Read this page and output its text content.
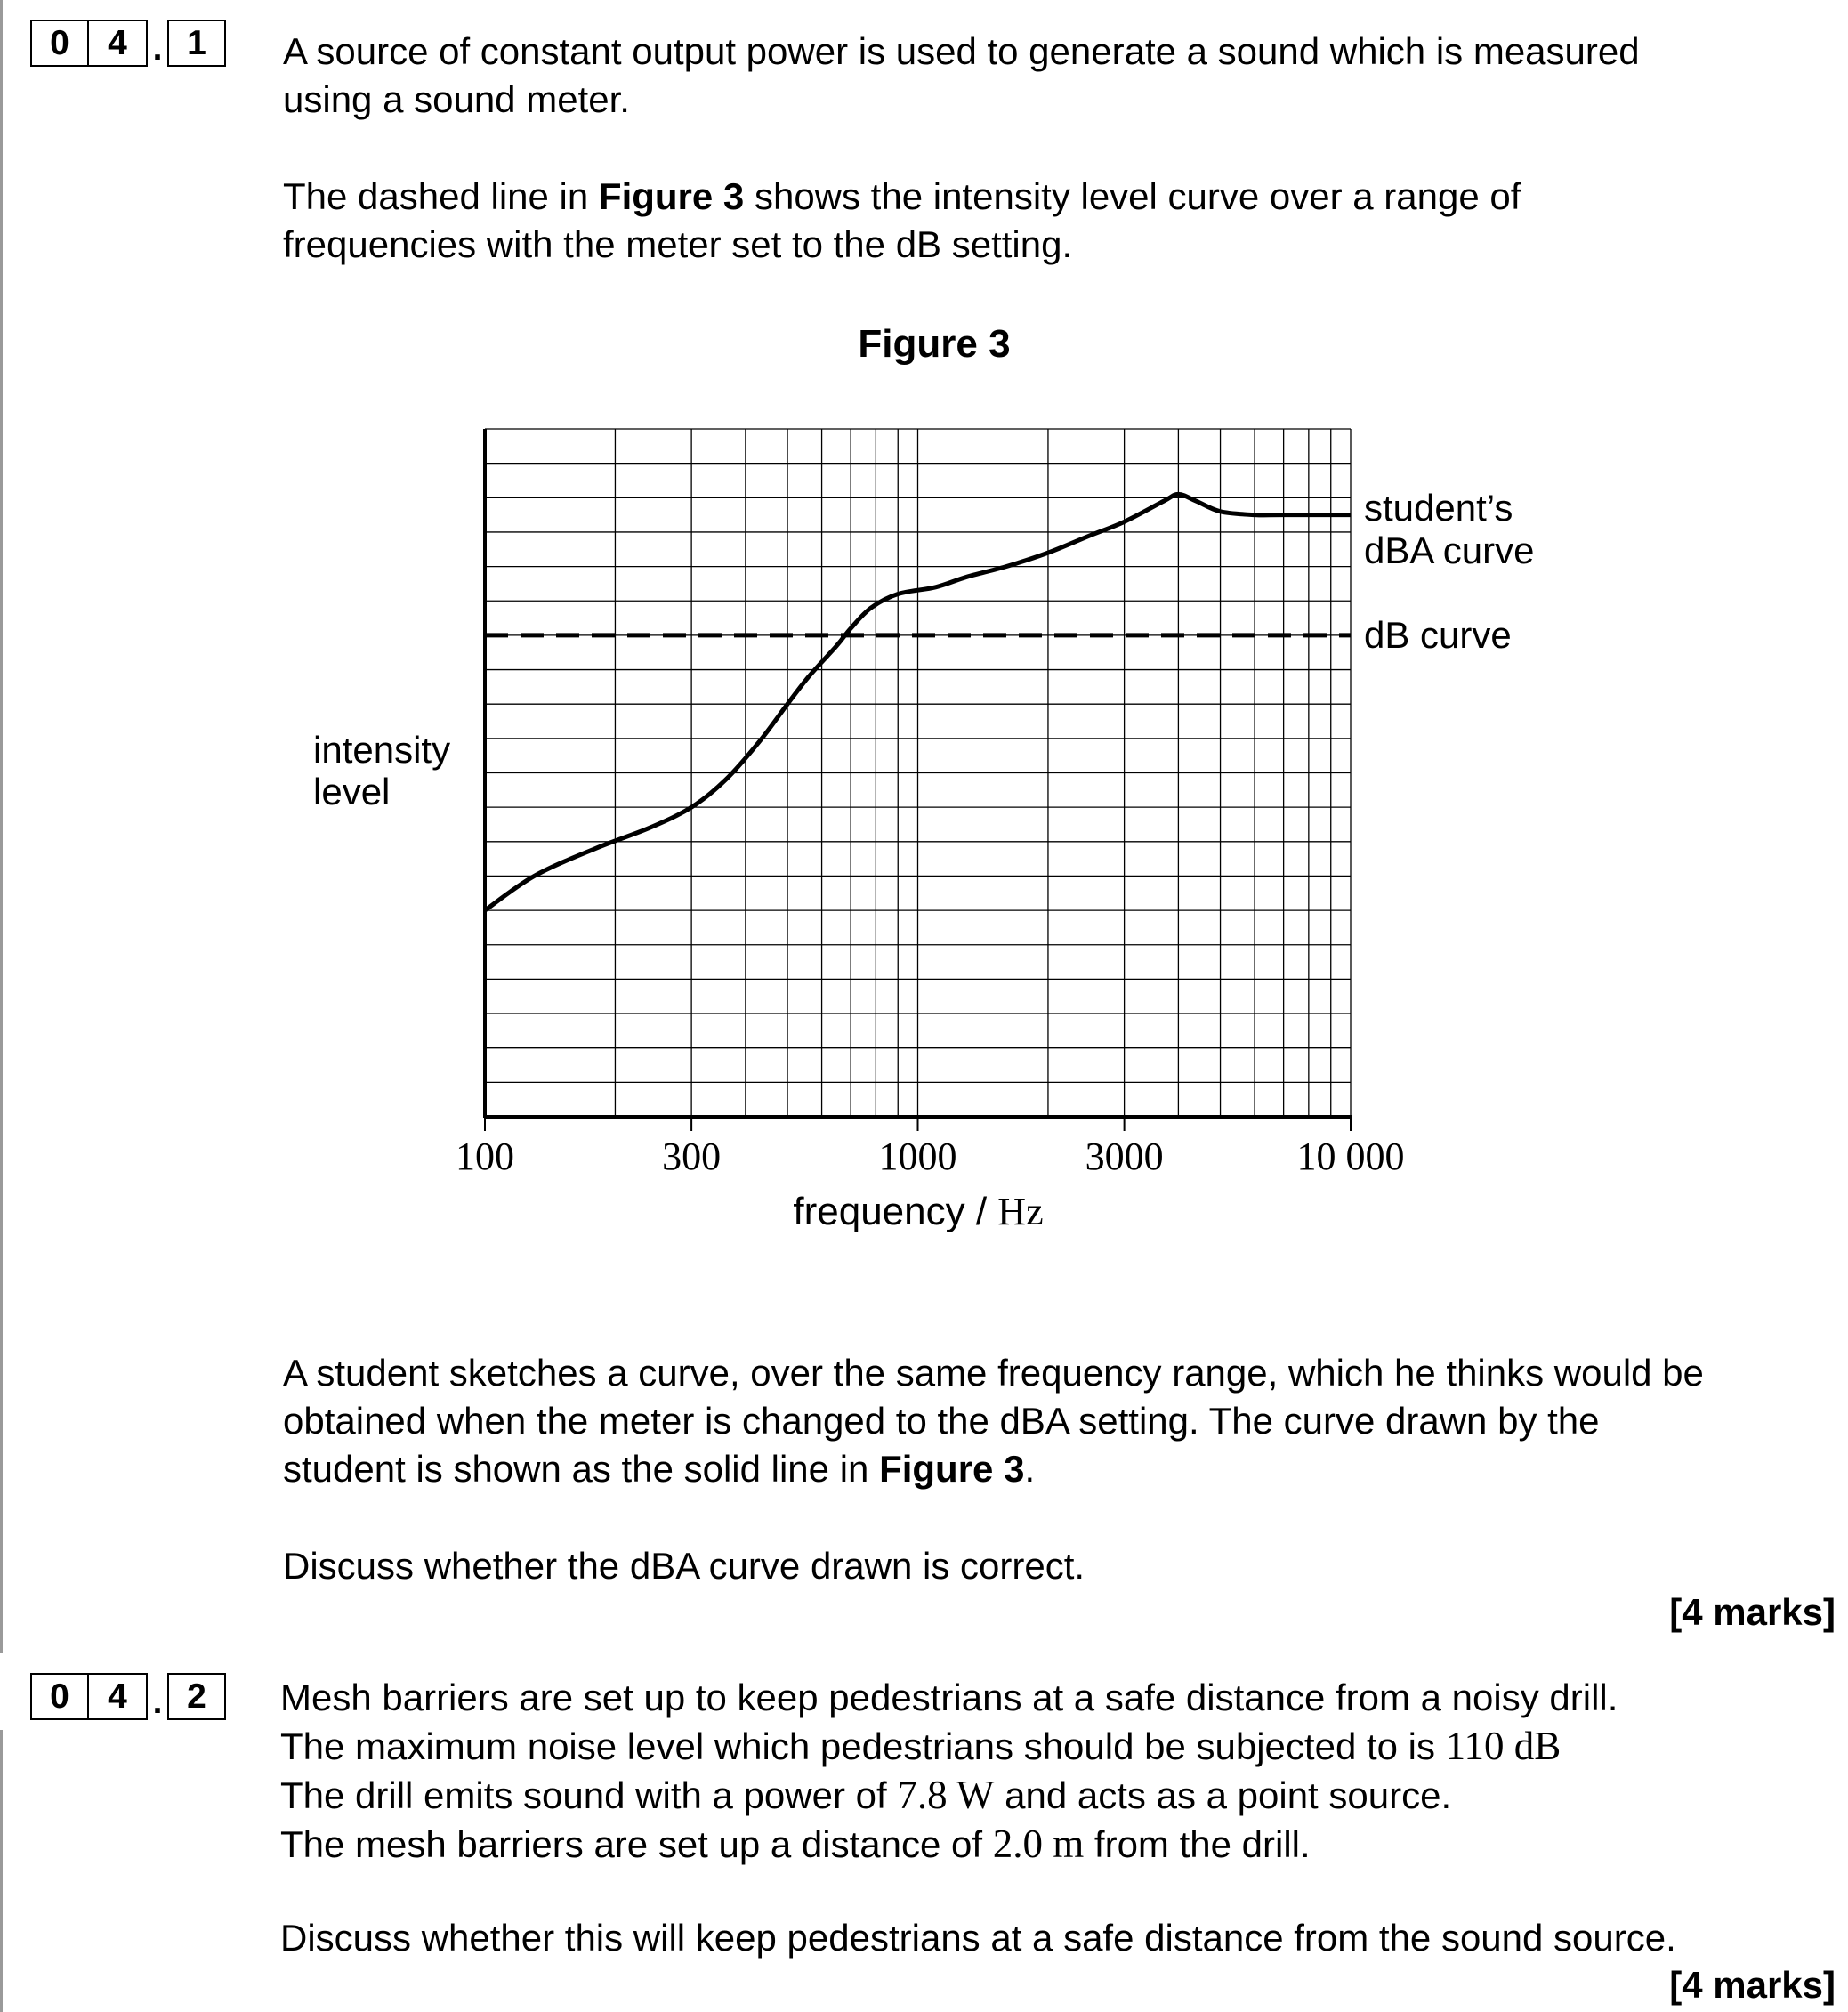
0	4 . 1	A source of constant output power is used to generate a sound which is measured
using a sound meter.
The dashed line in Figure 3 shows the intensity level curve over a range of
frequencies with the meter set to the dB setting.
Figure 3
100	300	1000	3000	10 000
intensity
level
frequency / Hz
student’s
dBA curve
dB curve
A student sketches a curve, over the same frequency range, which he thinks would be
obtained when the meter is changed to the dBA setting. The curve drawn by the
student is shown as the solid line in Figure 3.
Discuss whether the dBA curve drawn is correct.
[4 marks]
0	4 . 2	Mesh barriers are set up to keep pedestrians at a safe distance from a noisy drill.
The maximum noise level which pedestrians should be subjected to is 110 dB
The drill emits sound with a power of 7.8 W and acts as a point source.
The mesh barriers are set up a distance of 2.0 m from the drill.
Discuss whether this will keep pedestrians at a safe distance from the sound source.
[4 marks]
